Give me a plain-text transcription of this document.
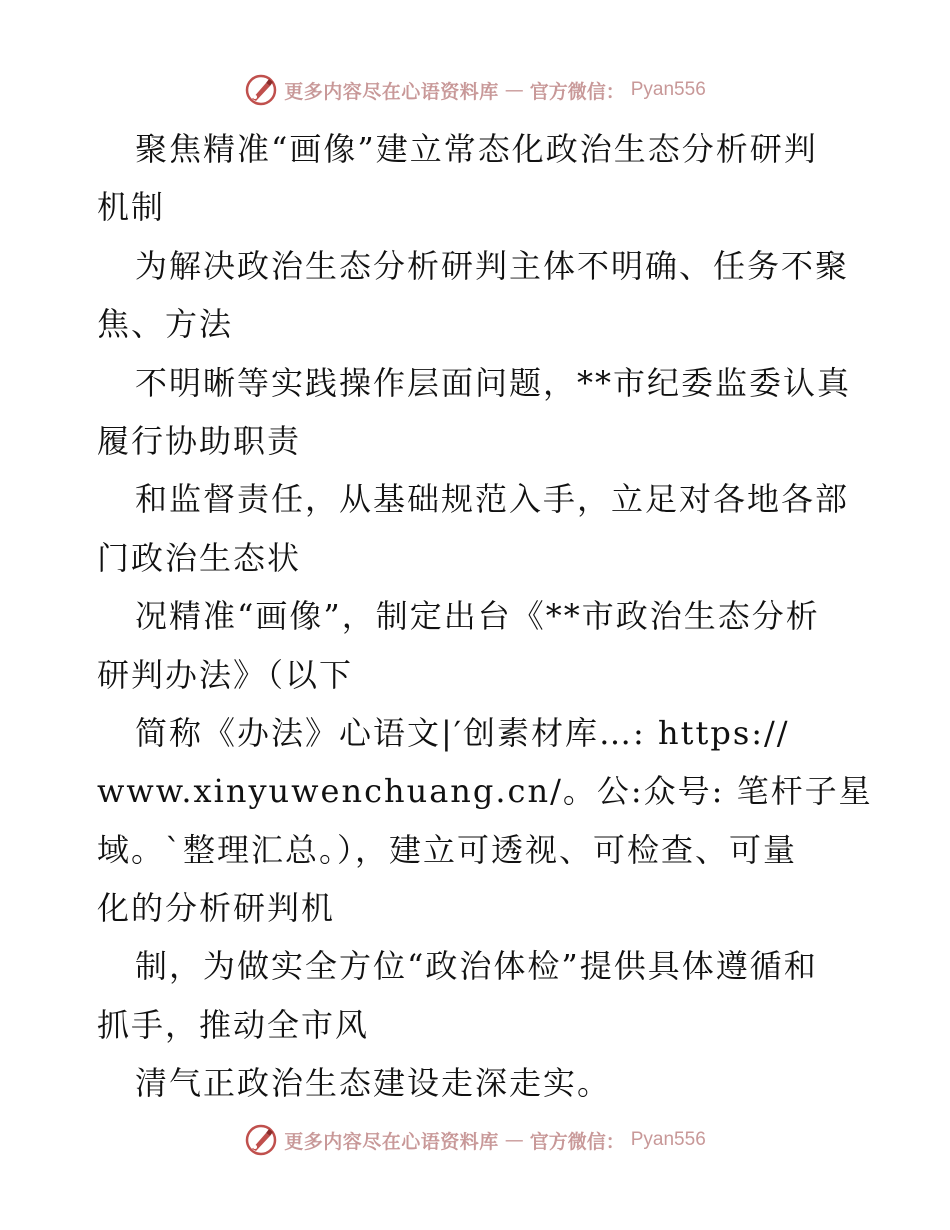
更多内容尽在心语资料库 — 官方微信： Pyan556
聚焦精准“画像”建立常态化政治生态分析研判
机制
为解决政治生态分析研判主体不明确、任务不聚
焦、方法
不明晰等实践操作层面问题，**市纪委监委认真
履行协助职责
和监督责任，从基础规范入手，立足对各地各部
门政治生态状
况精准“画像”，制定出台《**市政治生态分析
研判办法》（以下
简称《办法》心语文|′创素材库…: https://
www.xinyuwenchuang.cn/。公:众号: 笔杆子星
域。`整理汇总。），建立可透视、可检查、可量
化的分析研判机
制，为做实全方位“政治体检”提供具体遵循和
抓手，推动全市风
清气正政治生态建设走深走实。
更多内容尽在心语资料库 — 官方微信： Pyan556
